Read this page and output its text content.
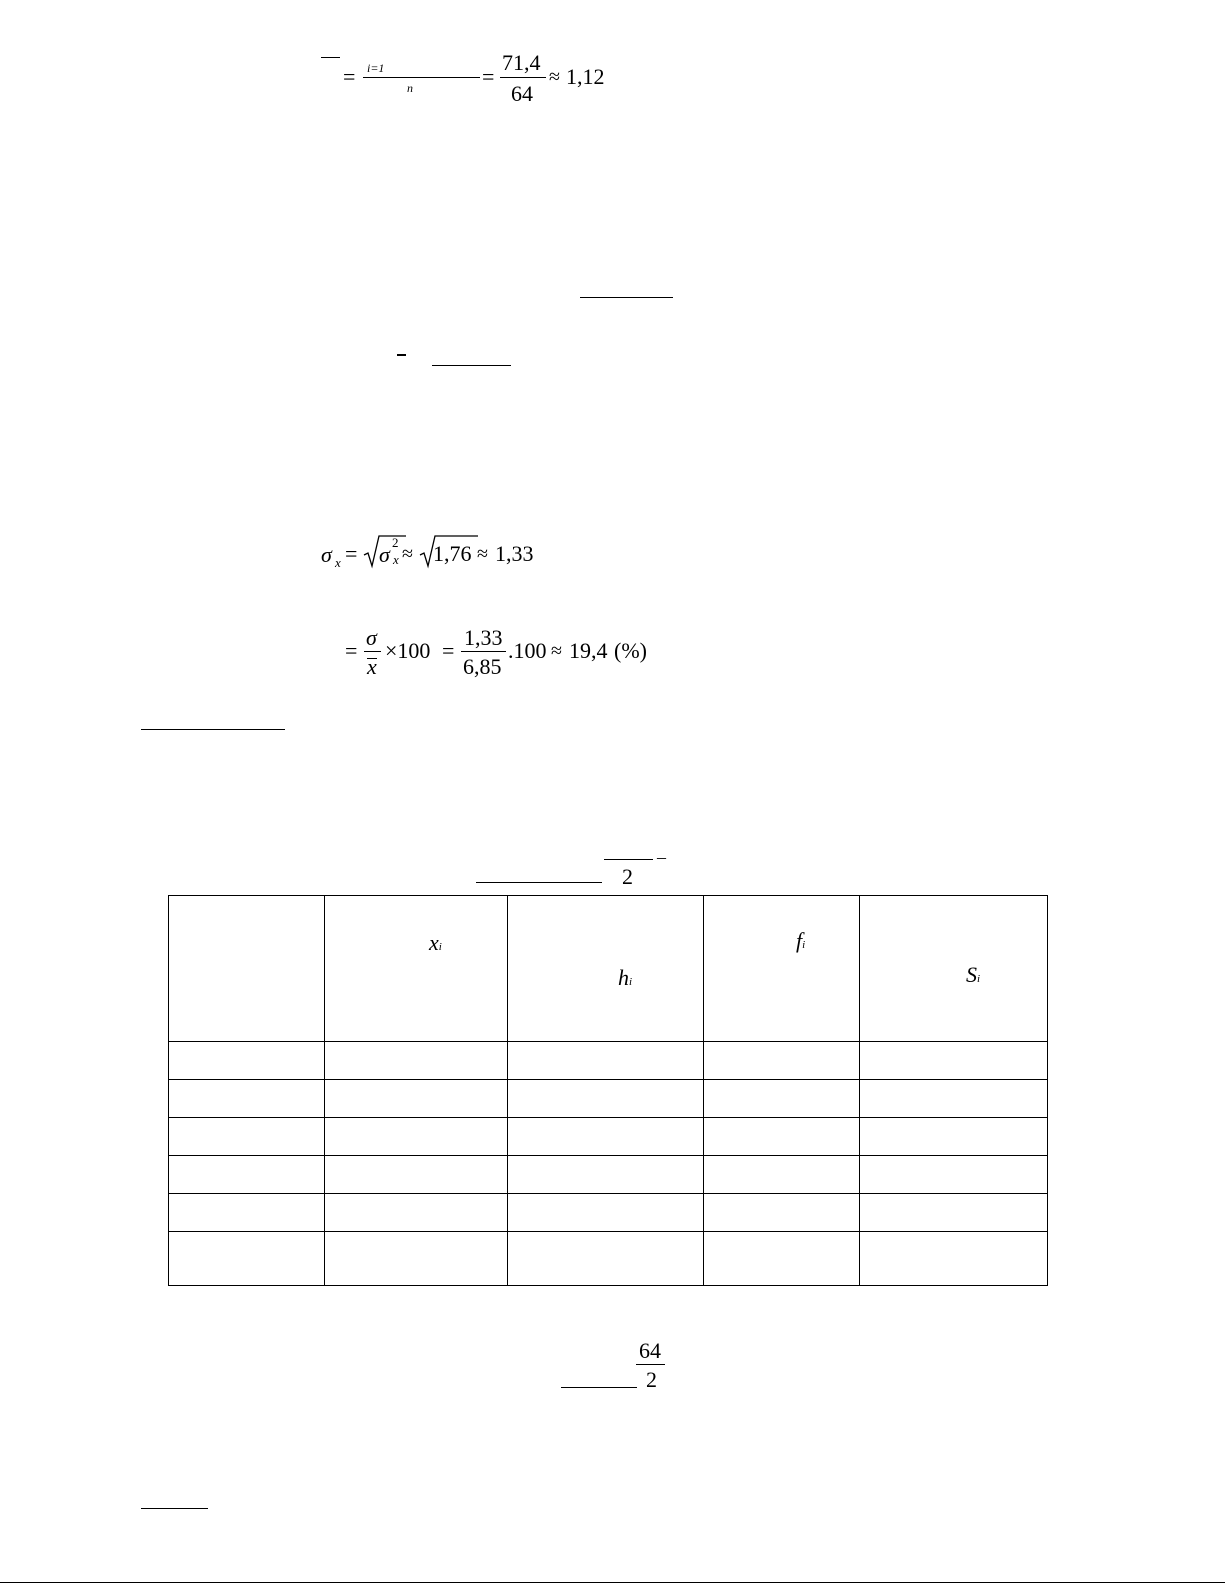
= i=1
n	=
71,4
64
≈ 1,12
σ x = σ 2
x ≈ 1,76 ≈ 1,33
=
σ
x
×100 =
1,33
6,85
.100 ≈ 19,4 (%)
–
2

	xi	hi	fi	Si

64
2
